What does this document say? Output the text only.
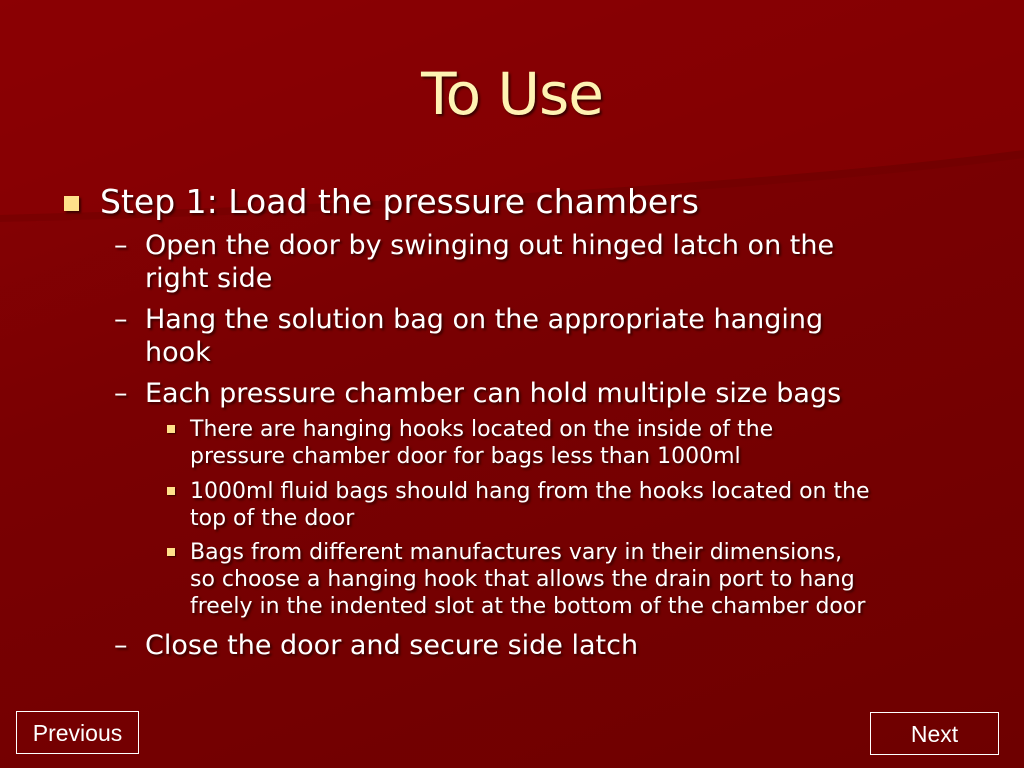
To Use
Step 1: Load the pressure chambers
– Open the door by swinging out hinged latch on the
right side
– Hang the solution bag on the appropriate hanging
hook
– Each pressure chamber can hold multiple size bags
There are hanging hooks located on the inside of the
pressure chamber door for bags less than 1000ml
1000ml fluid bags should hang from the hooks located on the
top of the door
Bags from different manufactures vary in their dimensions,
so choose a hanging hook that allows the drain port to hang
freely in the indented slot at the bottom of the chamber door
– Close the door and secure side latch
Previous	Next
